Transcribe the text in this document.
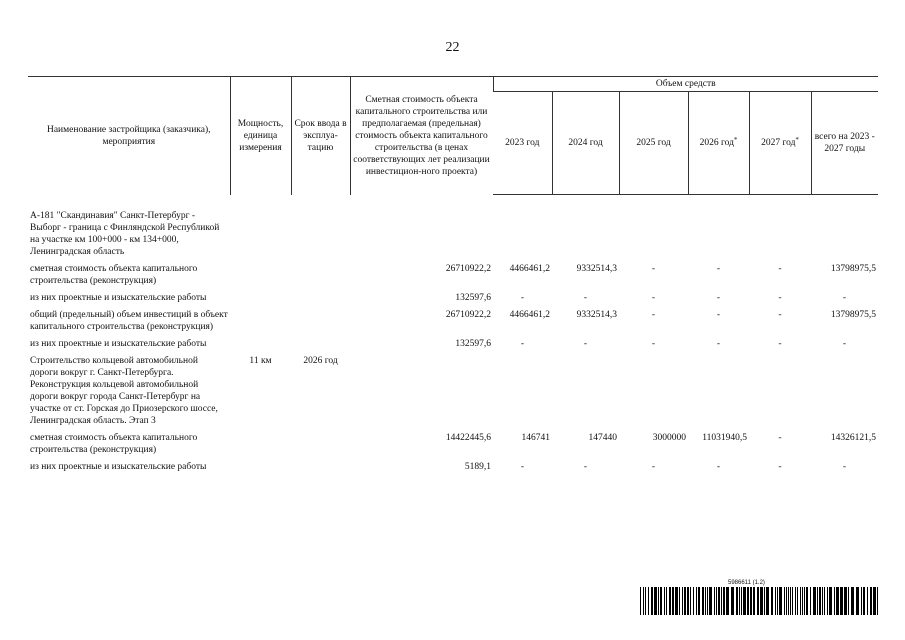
22
Наименование застройщика (заказчика), мероприятия	Мощность, единица измерения	Срок ввода в эксплуа-тацию	Сметная стоимость объекта капитального строительства или предполагаемая (предельная) стоимость объекта капитального строительства (в ценах соответствующих лет реализации инвестицион-ного проекта)	Объем средств					
				2023 год	2024 год	2025 год	2026 год*	2027 год*	всего на 2023 - 2027 годы

А-181 "Скандинавия" Санкт-Петербург - Выборг - граница с Финляндской Республикой на участке км 100+000 - км 134+000, Ленинградская область									
сметная стоимость объекта капитального строительства (реконструкция)			26710922,2	4466461,2	9332514,3	-	-	-	13798975,5
из них проектные и изыскательские работы			132597,6	-	-	-	-	-	-
общий (предельный) объем инвестиций в объект капитального строительства (реконструкция)			26710922,2	4466461,2	9332514,3	-	-	-	13798975,5
из них проектные и изыскательские работы			132597,6	-	-	-	-	-	-
Строительство кольцевой автомобильной дороги вокруг г. Санкт-Петербурга. Реконструкция кольцевой автомобильной дороги вокруг города Санкт-Петербург на участке от ст. Горская до Приозерского шоссе, Ленинградская область. Этап 3	11 км	2026 год							
сметная стоимость объекта капитального строительства (реконструкция)			14422445,6	146741	147440	3000000	11031940,5	-	14326121,5
из них проектные и изыскательские работы			5189,1	-	-	-	-	-	-
5986611 (1.2)
